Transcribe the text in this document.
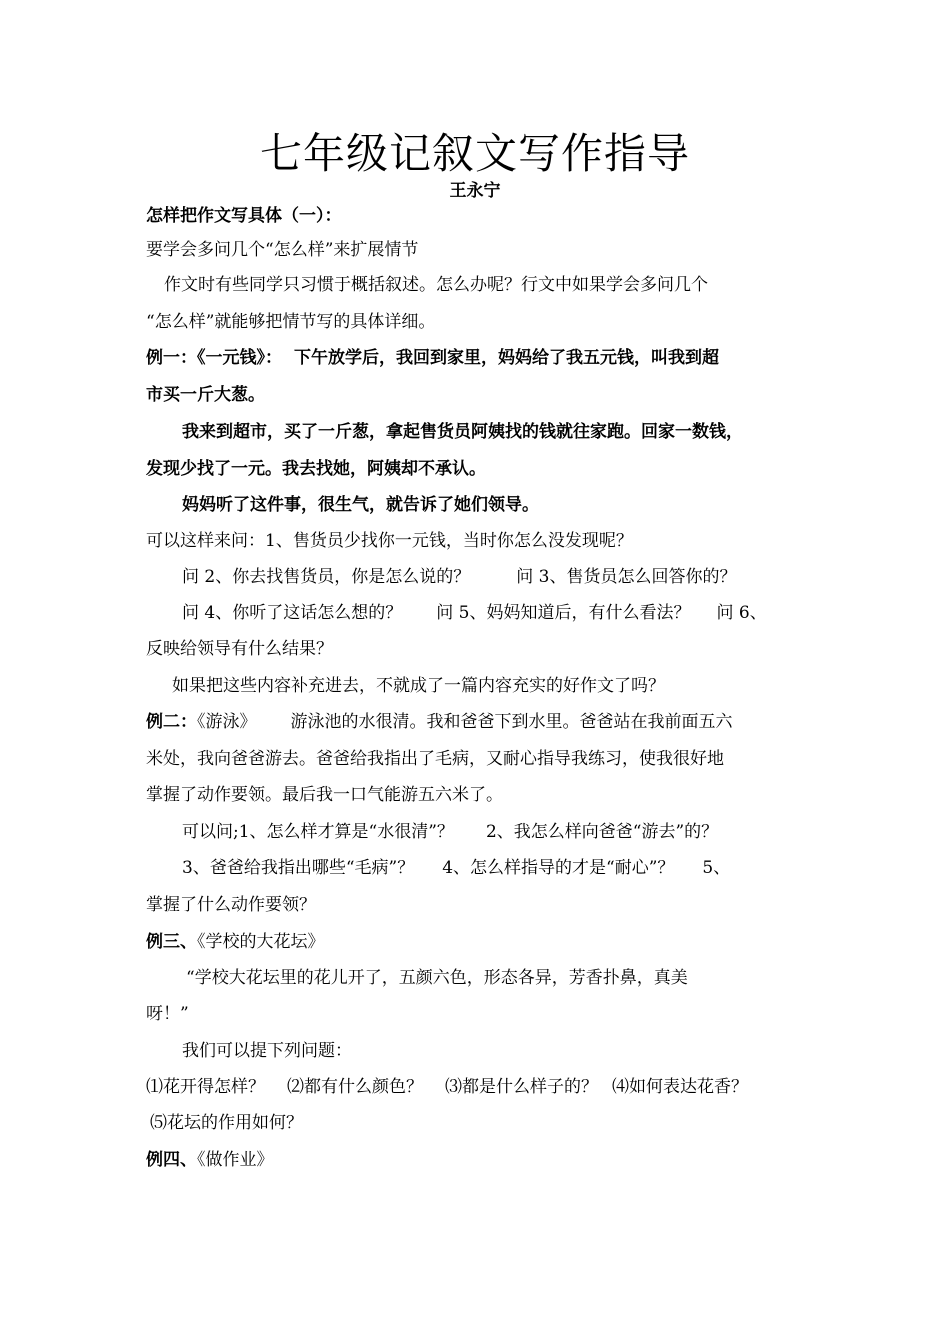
七年级记叙文写作指导
王永宁
怎样把作文写具体（一）：
要学会多问几个“怎么样”来扩展情节
作文时有些同学只习惯于概括叙述。怎么办呢？行文中如果学会多问几个
“怎么样”就能够把情节写的具体详细。
例一：《一元钱》： 下午放学后，我回到家里，妈妈给了我五元钱，叫我到超
市买一斤大葱。
我来到超市，买了一斤葱，拿起售货员阿姨找的钱就往家跑。回家一数钱，
发现少找了一元。我去找她，阿姨却不承认。
妈妈听了这件事，很生气，就告诉了她们领导。
可以这样来问：1、售货员少找你一元钱，当时你怎么没发现呢？
问 2、你去找售货员，你是怎么说的？	问 3、售货员怎么回答你的？
问 4、你听了这话怎么想的？ 问 5、妈妈知道后，有什么看法？ 问 6、
反映给领导有什么结果？
如果把这些内容补充进去，不就成了一篇内容充实的好作文了吗？
例二：《游泳》 游泳池的水很清。我和爸爸下到水里。爸爸站在我前面五六
米处，我向爸爸游去。爸爸给我指出了毛病，又耐心指导我练习，使我很好地
掌握了动作要领。最后我一口气能游五六米了。
可以问;1、怎么样才算是“水很清”？ 2、我怎么样向爸爸“游去”的？
3、爸爸给我指出哪些“毛病”？ 4、怎么样指导的才是“耐心”？ 5、
掌握了什么动作要领？
例三、《学校的大花坛》
“学校大花坛里的花儿开了，五颜六色，形态各异，芳香扑鼻，真美
呀！”
我们可以提下列问题：
⑴花开得怎样？ ⑵都有什么颜色？ ⑶都是什么样子的？ ⑷如何表达花香？
⑸花坛的作用如何？
例四、《做作业》
